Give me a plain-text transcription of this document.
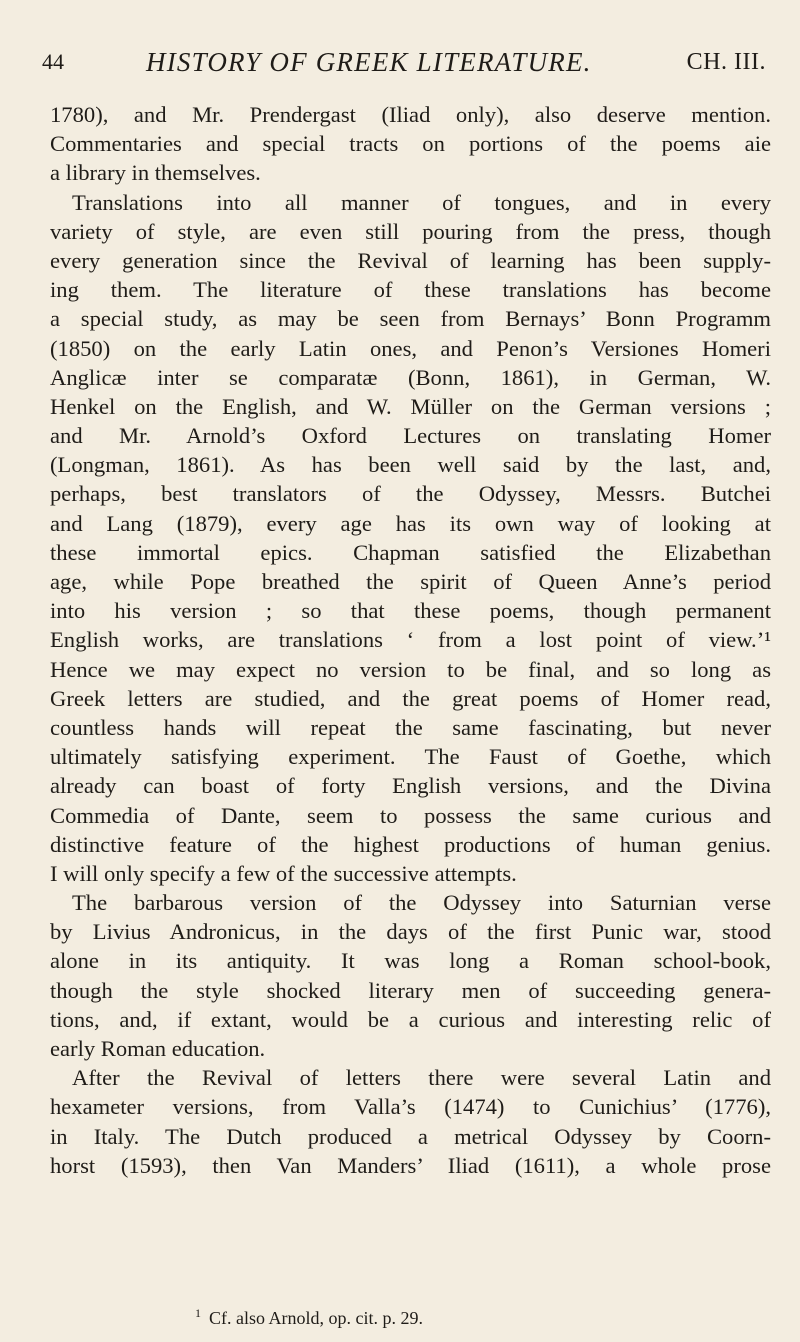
44	HISTORY OF GREEK LITERATURE.	CH. III.
1780), and Mr. Prendergast (Iliad only), also deserve mention.
Commentaries and special tracts on portions of the poems aie
a library in themselves.
Translations into all manner of tongues, and in every
variety of style, are even still pouring from the press, though
every generation since the Revival of learning has been supply-
ing them. The literature of these translations has become
a special study, as may be seen from Bernays’ Bonn Programm
(1850) on the early Latin ones, and Penon’s Versiones Homeri
Anglicæ inter se comparatæ (Bonn, 1861), in German, W.
Henkel on the English, and W. Müller on the German versions ;
and Mr. Arnold’s Oxford Lectures on translating Homer
(Longman, 1861). As has been well said by the last, and,
perhaps, best translators of the Odyssey, Messrs. Butchei
and Lang (1879), every age has its own way of looking at
these immortal epics. Chapman satisfied the Elizabethan
age, while Pope breathed the spirit of Queen Anne’s period
into his version ; so that these poems, though permanent
English works, are translations ‘ from a lost point of view.’¹
Hence we may expect no version to be final, and so long as
Greek letters are studied, and the great poems of Homer read,
countless hands will repeat the same fascinating, but never
ultimately satisfying experiment. The Faust of Goethe, which
already can boast of forty English versions, and the Divina
Commedia of Dante, seem to possess the same curious and
distinctive feature of the highest productions of human genius.
I will only specify a few of the successive attempts.
The barbarous version of the Odyssey into Saturnian verse
by Livius Andronicus, in the days of the first Punic war, stood
alone in its antiquity. It was long a Roman school-book,
though the style shocked literary men of succeeding genera-
tions, and, if extant, would be a curious and interesting relic of
early Roman education.
After the Revival of letters there were several Latin and
hexameter versions, from Valla’s (1474) to Cunichius’ (1776),
in Italy. The Dutch produced a metrical Odyssey by Coorn-
horst (1593), then Van Manders’ Iliad (1611), a whole prose
$^1$ Cf. also Arnold, op. cit. p. 29.
